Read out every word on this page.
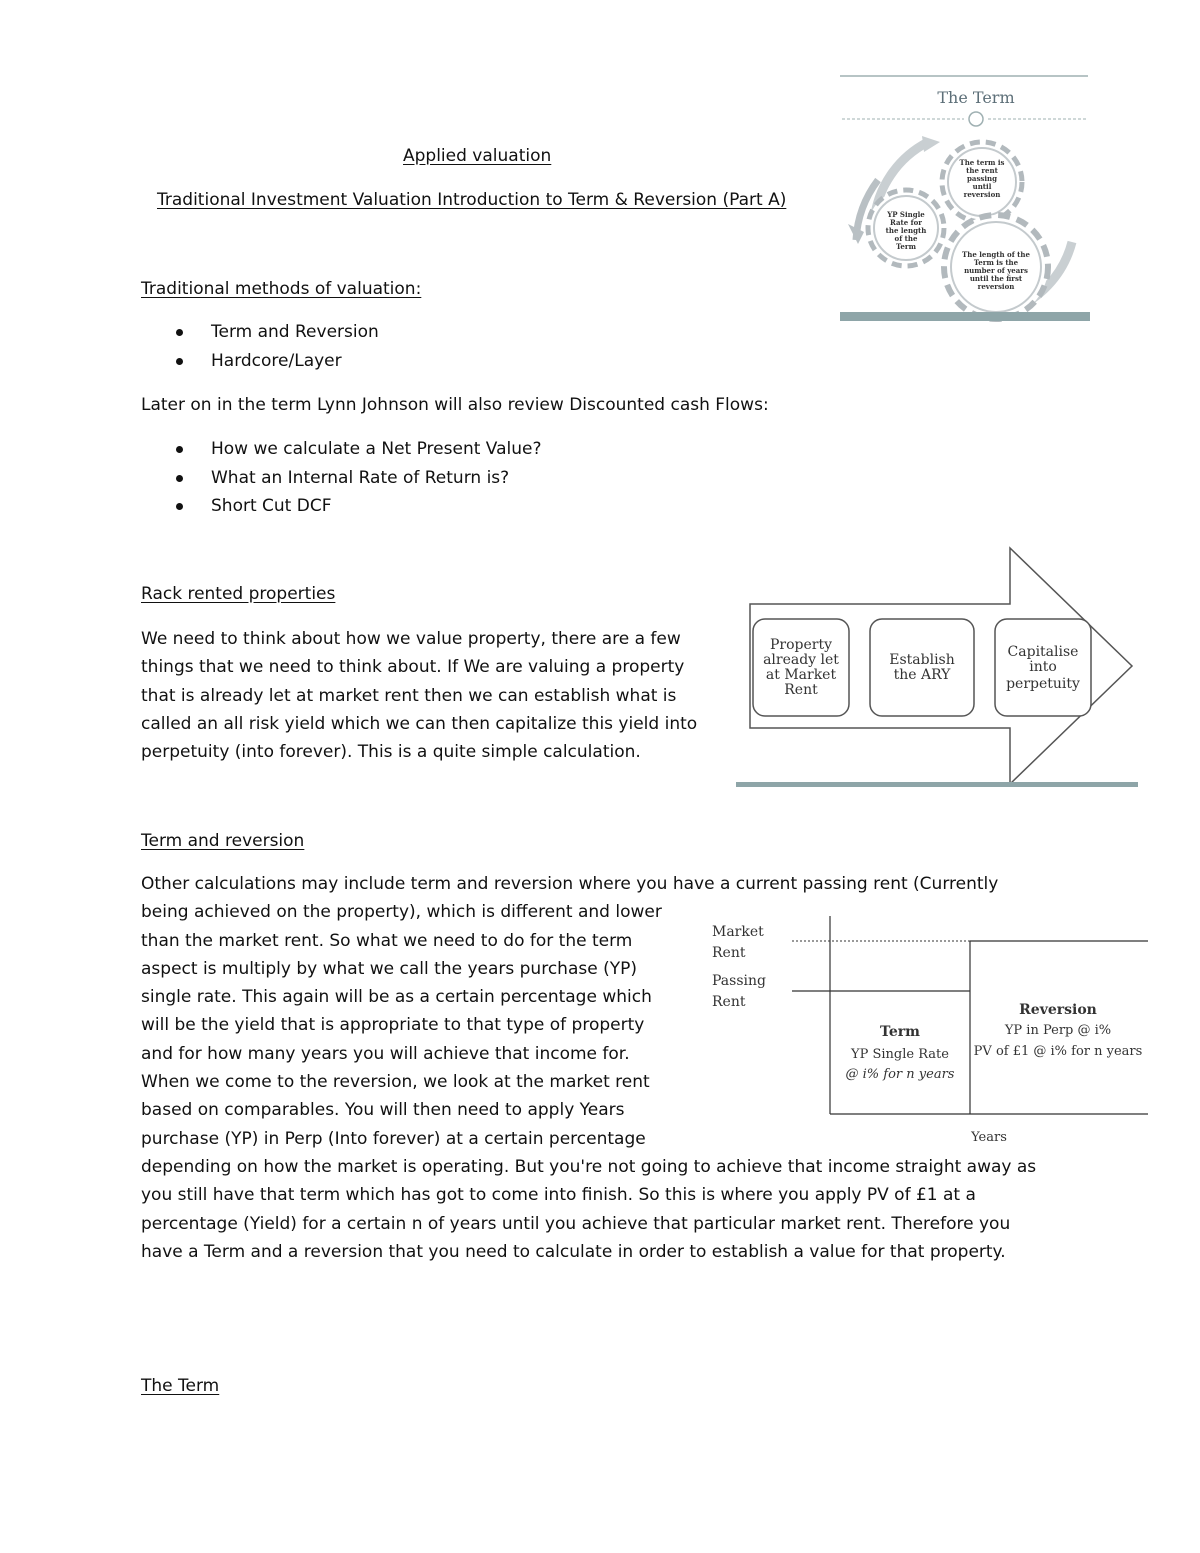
Applied valuation
Traditional Investment Valuation Introduction to Term & Reversion (Part A)
Traditional methods of valuation:
Term and Reversion
Hardcore/Layer
Later on in the term Lynn Johnson will also review Discounted cash Flows:
How we calculate a Net Present Value?
What an Internal Rate of Return is?
Short Cut DCF
The Term
The term is
the rent
passing
until
reversion
YP Single
Rate for
the length
of the
Term
The length of the
Term is the
number of years
until the first
reversion
Rack rented properties
We need to think about how we value property, there are a few
things that we need to think about. If We are valuing a property
that is already let at market rent then we can establish what is
called an all risk yield which we can then capitalize this yield into
perpetuity (into forever). This is a quite simple calculation.
Property
already let
at Market
Rent
Establish
the ARY
Capitalise
into
perpetuity
Term and reversion
Other calculations may include term and reversion where you have a current passing rent (Currently
being achieved on the property), which is different and lower
than the market rent. So what we need to do for the term
aspect is multiply by what we call the years purchase (YP)
single rate. This again will be as a certain percentage which
will be the yield that is appropriate to that type of property
and for how many years you will achieve that income for.
When we come to the reversion, we look at the market rent
based on comparables. You will then need to apply Years
purchase (YP) in Perp (Into forever) at a certain percentage
depending on how the market is operating. But you're not going to achieve that income straight away as
you still have that term which has got to come into finish. So this is where you apply PV of £1 at a
percentage (Yield) for a certain n of years until you achieve that particular market rent. Therefore you
have a Term and a reversion that you need to calculate in order to establish a value for that property.
Market
Rent
Passing
Rent
Term
YP Single Rate
@ i% for n years
Reversion
YP in Perp @ i%
PV of £1 @ i% for n years
Years
The Term
